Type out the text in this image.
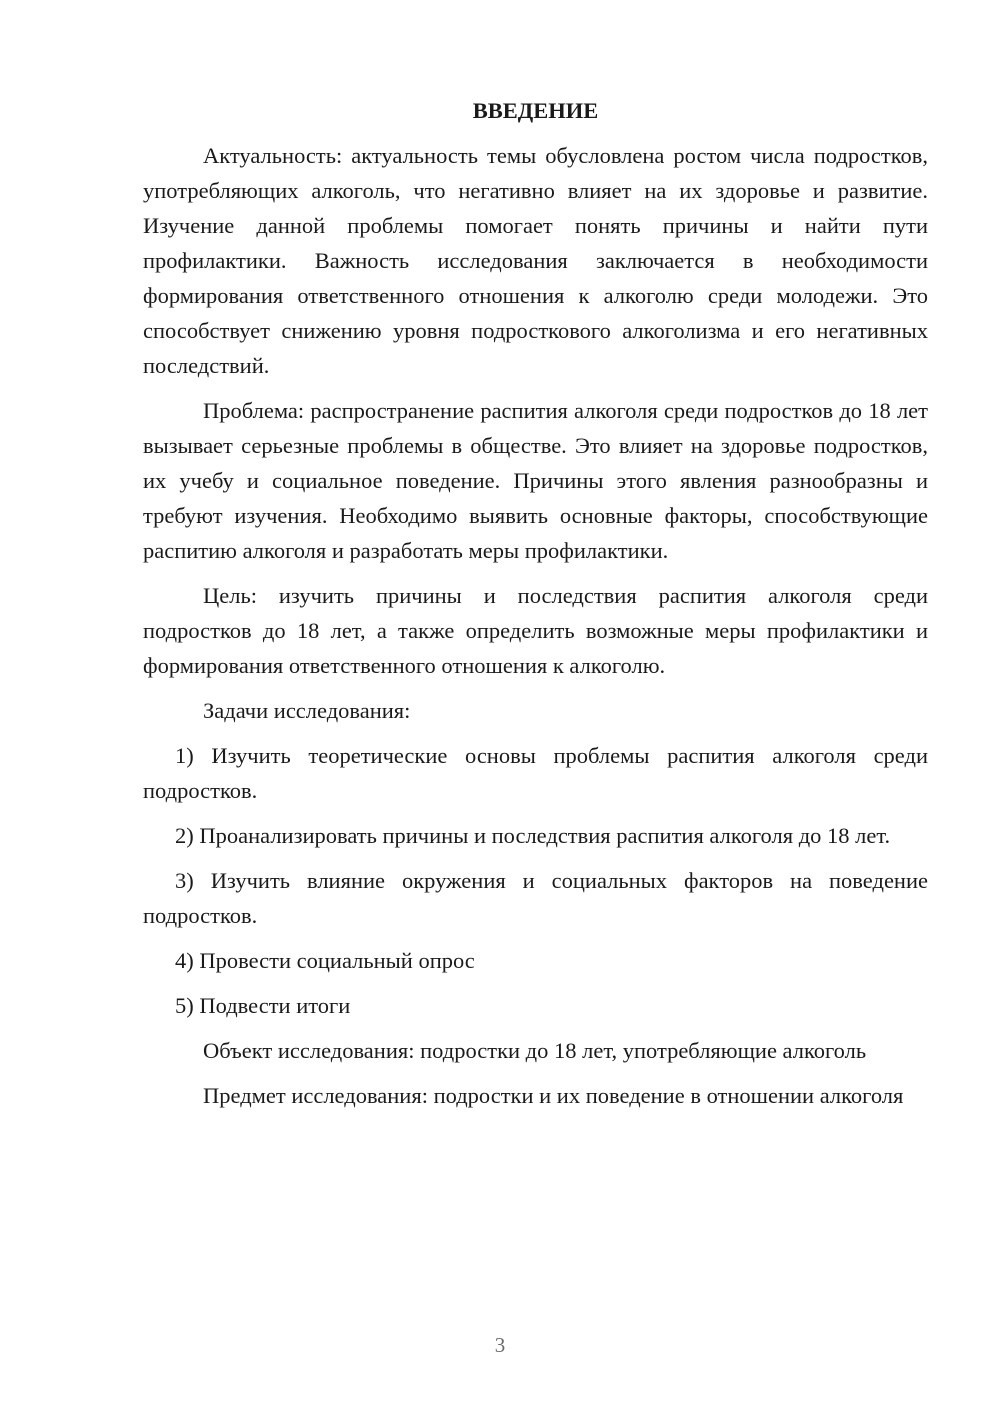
ВВЕДЕНИЕ

Актуальность: актуальность темы обусловлена ростом числа подростков, употребляющих алкоголь, что негативно влияет на их здоровье и развитие. Изучение данной проблемы помогает понять причины и найти пути профилактики. Важность исследования заключается в необходимости формирования ответственного отношения к алкоголю среди молодежи. Это способствует снижению уровня подросткового алкоголизма и его негативных последствий.

Проблема: распространение распития алкоголя среди подростков до 18 лет вызывает серьезные проблемы в обществе. Это влияет на здоровье подростков, их учебу и социальное поведение. Причины этого явления разнообразны и требуют изучения. Необходимо выявить основные факторы, способствующие распитию алкоголя и разработать меры профилактики.

Цель: изучить причины и последствия распития алкоголя среди подростков до 18 лет, а также определить возможные меры профилактики и формирования ответственного отношения к алкоголю.

Задачи исследования:

1) Изучить теоретические основы проблемы распития алкоголя среди подростков.

2) Проанализировать причины и последствия распития алкоголя до 18 лет.

3) Изучить влияние окружения и социальных факторов на поведение подростков.

4) Провести социальный опрос

5) Подвести итоги

Объект исследования: подростки до 18 лет, употребляющие алкоголь

Предмет исследования: подростки и их поведение в отношении алкоголя

3
